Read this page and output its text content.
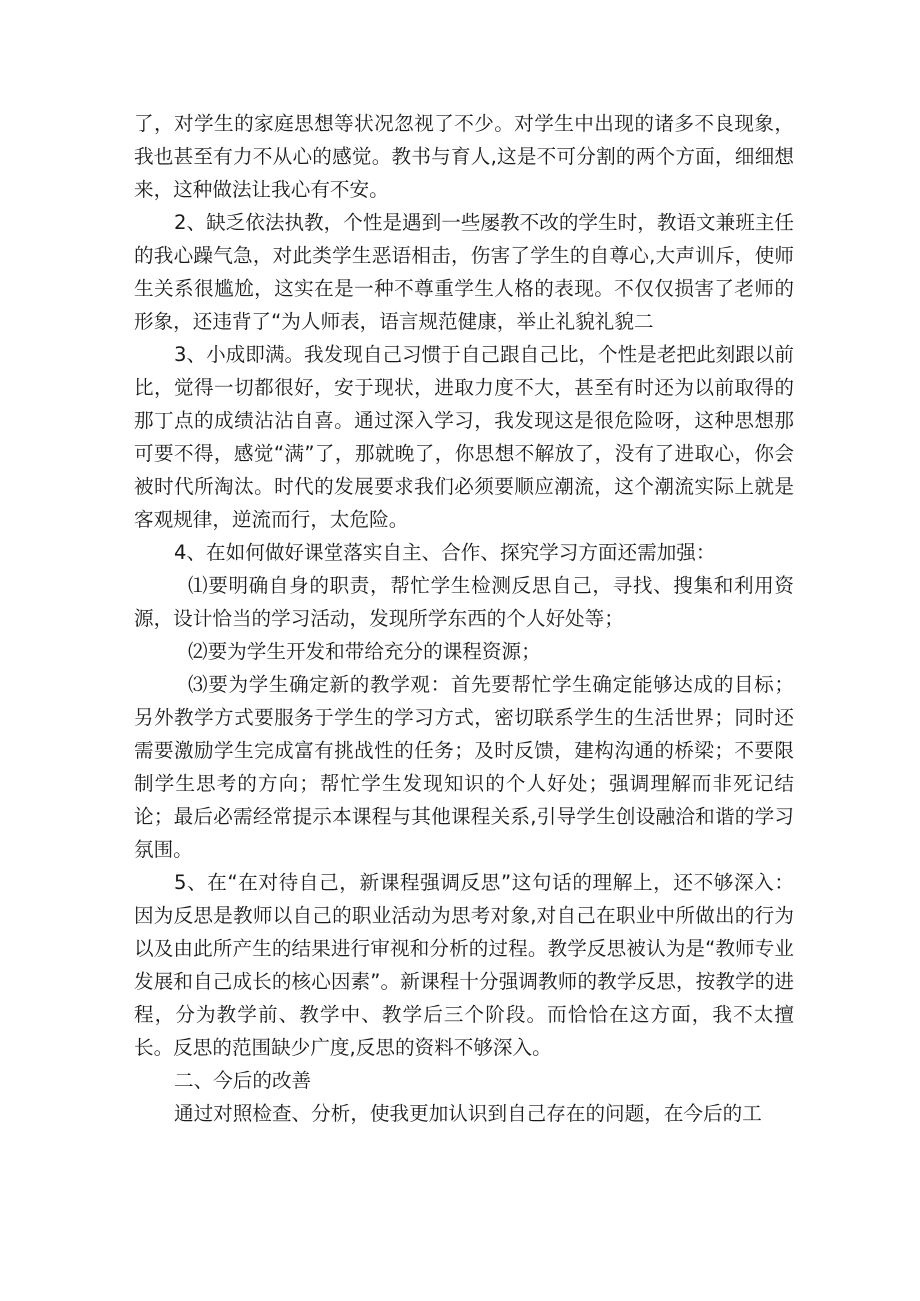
了，对学生的家庭思想等状况忽视了不少。对学生中出现的诸多不良现象，我也甚至有力不从心的感觉。教书与育人,这是不可分割的两个方面，细细想来，这种做法让我心有不安。

2、缺乏依法执教，个性是遇到一些屡教不改的学生时，教语文兼班主任的我心躁气急，对此类学生恶语相击，伤害了学生的自尊心,大声训斥，使师生关系很尴尬，这实在是一种不尊重学生人格的表现。不仅仅损害了老师的形象，还违背了“为人师表，语言规范健康，举止礼貌礼貌二

3、小成即满。我发现自己习惯于自己跟自己比，个性是老把此刻跟以前比，觉得一切都很好，安于现状，进取力度不大，甚至有时还为以前取得的那丁点的成绩沾沾自喜。通过深入学习，我发现这是很危险呀，这种思想那可要不得，感觉“满”了，那就晚了，你思想不解放了，没有了进取心，你会被时代所淘汰。时代的发展要求我们必须要顺应潮流，这个潮流实际上就是客观规律，逆流而行，太危险。

4、在如何做好课堂落实自主、合作、探究学习方面还需加强：

⑴要明确自身的职责，帮忙学生检测反思自己，寻找、搜集和利用资源，设计恰当的学习活动，发现所学东西的个人好处等；

⑵要为学生开发和带给充分的课程资源；

⑶要为学生确定新的教学观：首先要帮忙学生确定能够达成的目标；另外教学方式要服务于学生的学习方式，密切联系学生的生活世界；同时还需要激励学生完成富有挑战性的任务；及时反馈，建构沟通的桥梁；不要限制学生思考的方向；帮忙学生发现知识的个人好处；强调理解而非死记结论；最后必需经常提示本课程与其他课程关系,引导学生创设融洽和谐的学习氛围。

5、在“在对待自己，新课程强调反思”这句话的理解上，还不够深入：因为反思是教师以自己的职业活动为思考对象,对自己在职业中所做出的行为以及由此所产生的结果进行审视和分析的过程。教学反思被认为是“教师专业发展和自己成长的核心因素”。新课程十分强调教师的教学反思，按教学的进程，分为教学前、教学中、教学后三个阶段。而恰恰在这方面，我不太擅长。反思的范围缺少广度,反思的资料不够深入。

二、今后的改善

通过对照检查、分析，使我更加认识到自己存在的问题，在今后的工
